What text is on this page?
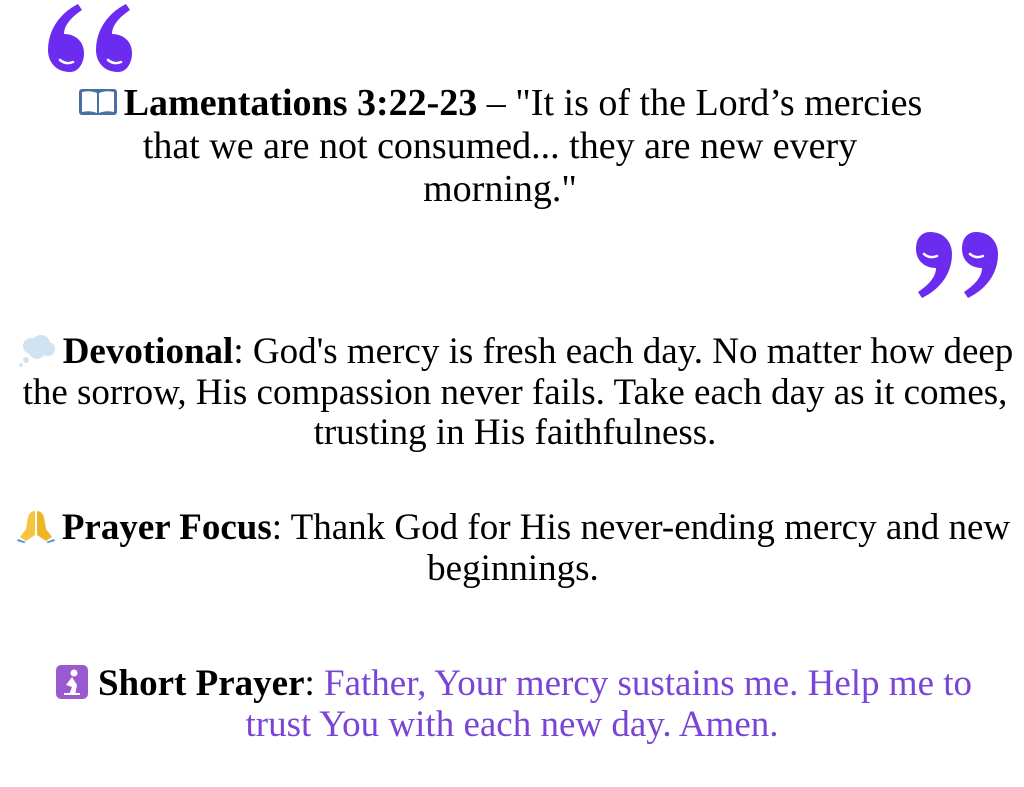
Lamentations 3:22-23 – "It is of the Lord’s mercies that we are not consumed... they are new every morning."
Devotional: God's mercy is fresh each day. No matter how deep the sorrow, His compassion never fails. Take each day as it comes, trusting in His faithfulness.
Prayer Focus: Thank God for His never-ending mercy and new beginnings.
Short Prayer: Father, Your mercy sustains me. Help me to trust You with each new day. Amen.
